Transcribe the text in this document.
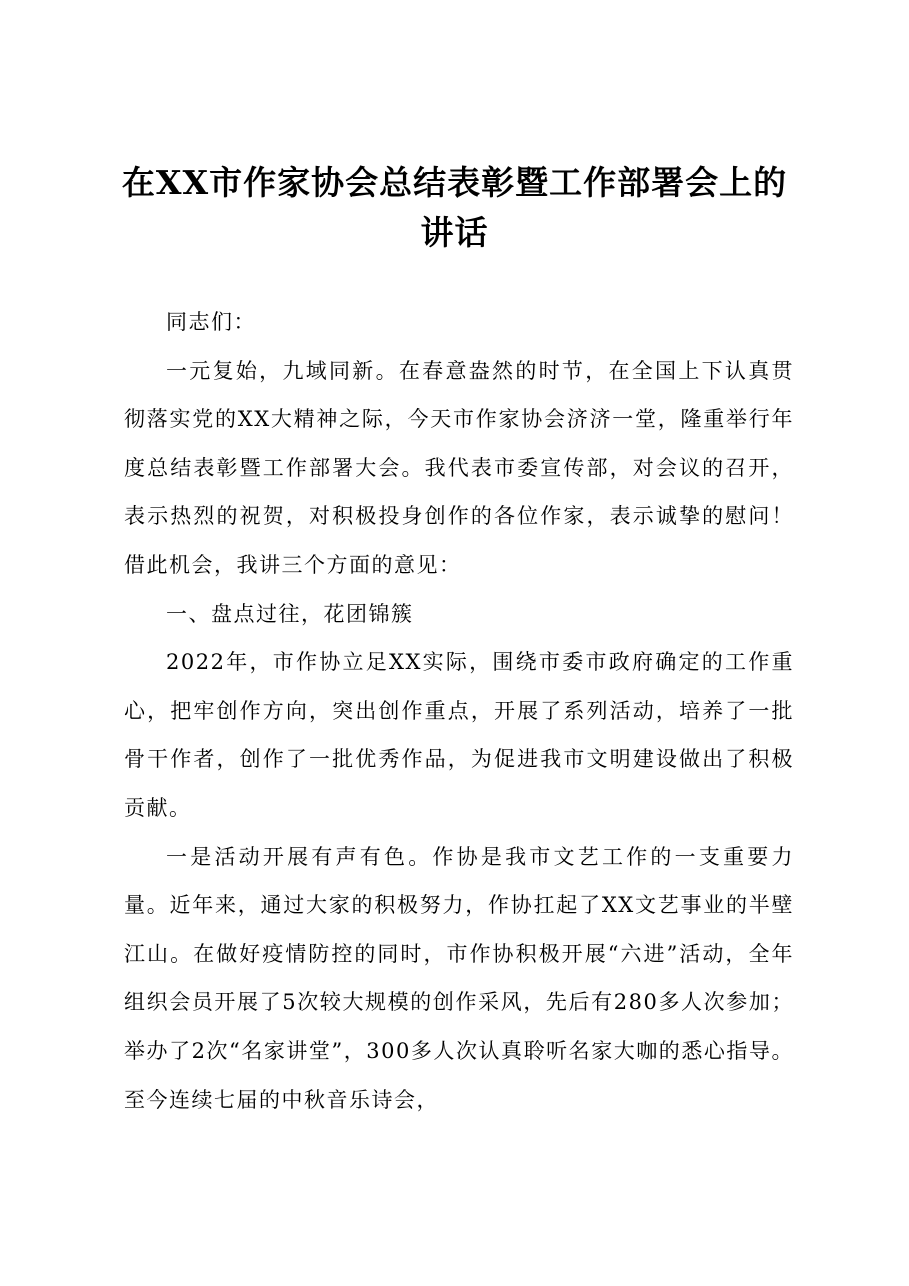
在XX市作家协会总结表彰暨工作部署会上的
讲话

同志们：

一元复始，九域同新。在春意盎然的时节，在全国上下认真贯彻落实党的XX大精神之际，今天市作家协会济济一堂，隆重举行年度总结表彰暨工作部署大会。我代表市委宣传部，对会议的召开，表示热烈的祝贺，对积极投身创作的各位作家，表示诚挚的慰问！借此机会，我讲三个方面的意见：

一、盘点过往，花团锦簇

2022年，市作协立足XX实际，围绕市委市政府确定的工作重心，把牢创作方向，突出创作重点，开展了系列活动，培养了一批骨干作者，创作了一批优秀作品，为促进我市文明建设做出了积极贡献。

一是活动开展有声有色。作协是我市文艺工作的一支重要力量。近年来，通过大家的积极努力，作协扛起了XX文艺事业的半壁江山。在做好疫情防控的同时，市作协积极开展“六进”活动，全年组织会员开展了5次较大规模的创作采风，先后有280多人次参加；举办了2次“名家讲堂”，300多人次认真聆听名家大咖的悉心指导。至今连续七届的中秋音乐诗会，
